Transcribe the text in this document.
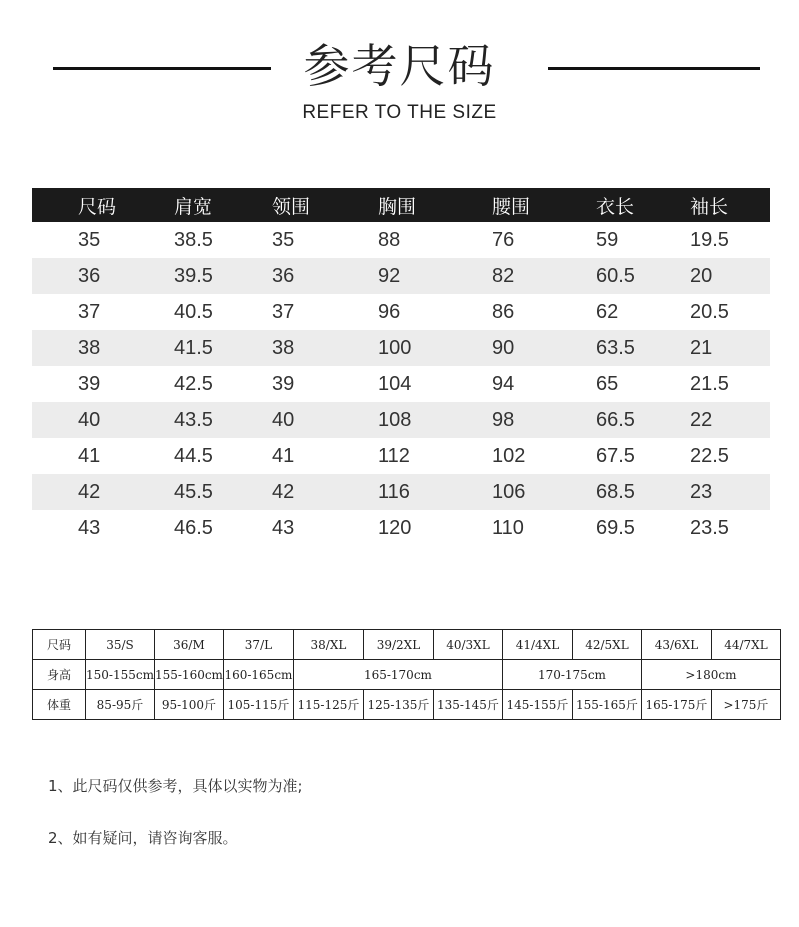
参考尺码
REFER TO THE SIZE
尺码	肩宽	领围	胸围	腰围	衣长	袖长
35	38.5	35	88	76	59	19.5
36	39.5	36	92	82	60.5	20
37	40.5	37	96	86	62	20.5
38	41.5	38	100	90	63.5	21
39	42.5	39	104	94	65	21.5
40	43.5	40	108	98	66.5	22
41	44.5	41	112	102	67.5	22.5
42	45.5	42	116	106	68.5	23
43	46.5	43	120	110	69.5	23.5
尺码	35/S	36/M	37/L	38/XL	39/2XL	40/3XL	41/4XL	42/5XL	43/6XL	44/7XL
身高	150-155cm	155-160cm	160-165cm	165-170cm			170-175cm		>180cm	
体重	85-95斤	95-100斤	105-115斤	115-125斤	125-135斤	135-145斤	145-155斤	155-165斤	165-175斤	>175斤
1、此尺码仅供参考，具体以实物为准;
2、如有疑问，请咨询客服。
